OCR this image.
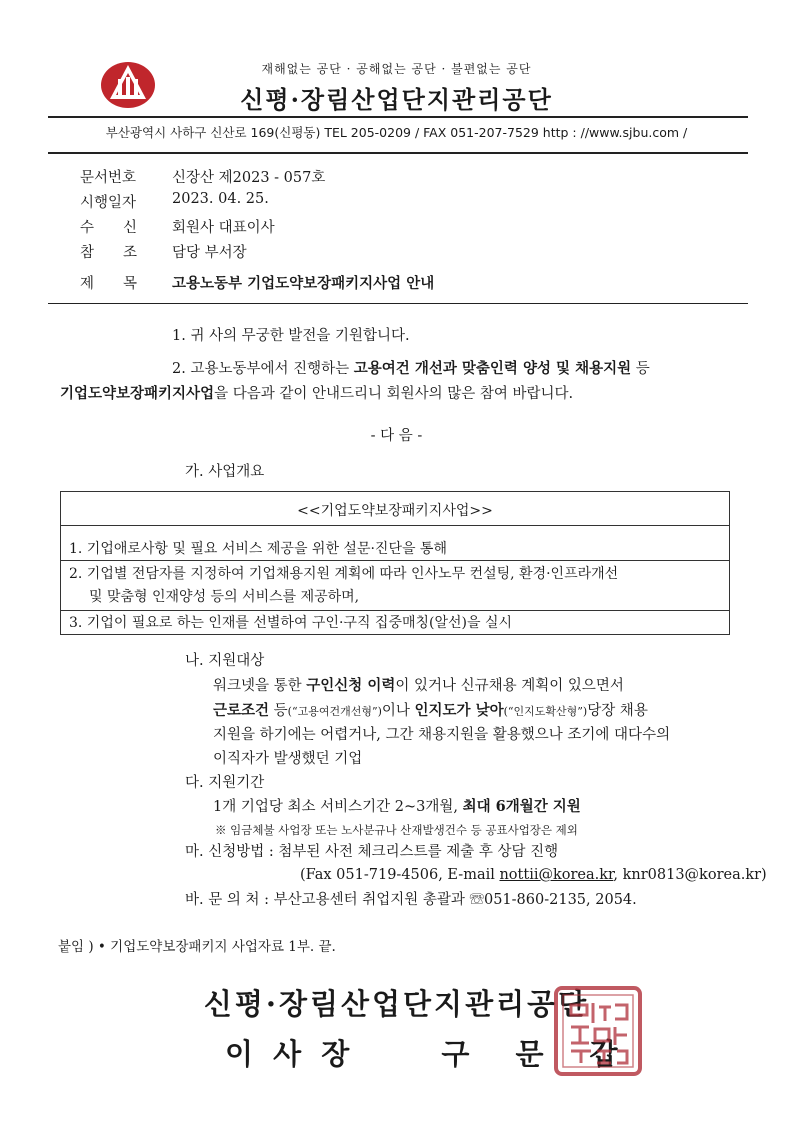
재해없는 공단 · 공해없는 공단 · 불편없는 공단
신평·장림산업단지관리공단
부산광역시 사하구 신산로 169(신평동) TEL 205-0209 / FAX 051-207-7529 http : //www.sjbu.com /
문서번호	신장산 제2023 - 057호
시행일자	2023. 04. 25.
수　　신	회원사 대표이사
참　　조	담당 부서장
제　　목	고용노동부 기업도약보장패키지사업 안내
1. 귀 사의 무궁한 발전을 기원합니다.
2. 고용노동부에서 진행하는 고용여건 개선과 맞춤인력 양성 및 채용지원 등
기업도약보장패키지사업을 다음과 같이 안내드리니 회원사의 많은 참여 바랍니다.
- 다 음 -
가. 사업개요
<<기업도약보장패키지사업>>
1. 기업애로사항 및 필요 서비스 제공을 위한 설문·진단을 통해
2. 기업별 전담자를 지정하여 기업채용지원 계획에 따라 인사노무 컨설팅, 환경·인프라개선
및 맞춤형 인재양성 등의 서비스를 제공하며,
3. 기업이 필요로 하는 인재를 선별하여 구인·구직 집중매칭(알선)을 실시
나. 지원대상
워크넷을 통한 구인신청 이력이 있거나 신규채용 계획이 있으면서
근로조건 등(“고용여건개선형”)이나 인지도가 낮아(“인지도확산형”)당장 채용
지원을 하기에는 어렵거나, 그간 채용지원을 활용했으나 조기에 대다수의
이직자가 발생했던 기업
다. 지원기간
1개 기업당 최소 서비스기간 2~3개월, 최대 6개월간 지원
※ 임금체불 사업장 또는 노사분규나 산재발생건수 등 공표사업장은 제외
마. 신청방법 : 첨부된 사전 체크리스트를 제출 후 상담 진행
(Fax 051-719-4506, E-mail nottii@korea.kr, knr0813@korea.kr)
바. 문 의 처 : 부산고용센터 취업지원 총괄과 ☏051-860-2135, 2054.
붙임 ) • 기업도약보장패키지 사업자료 1부. 끝.
신평·장림산업단지관리공단
이 사 장	구 문 갑
